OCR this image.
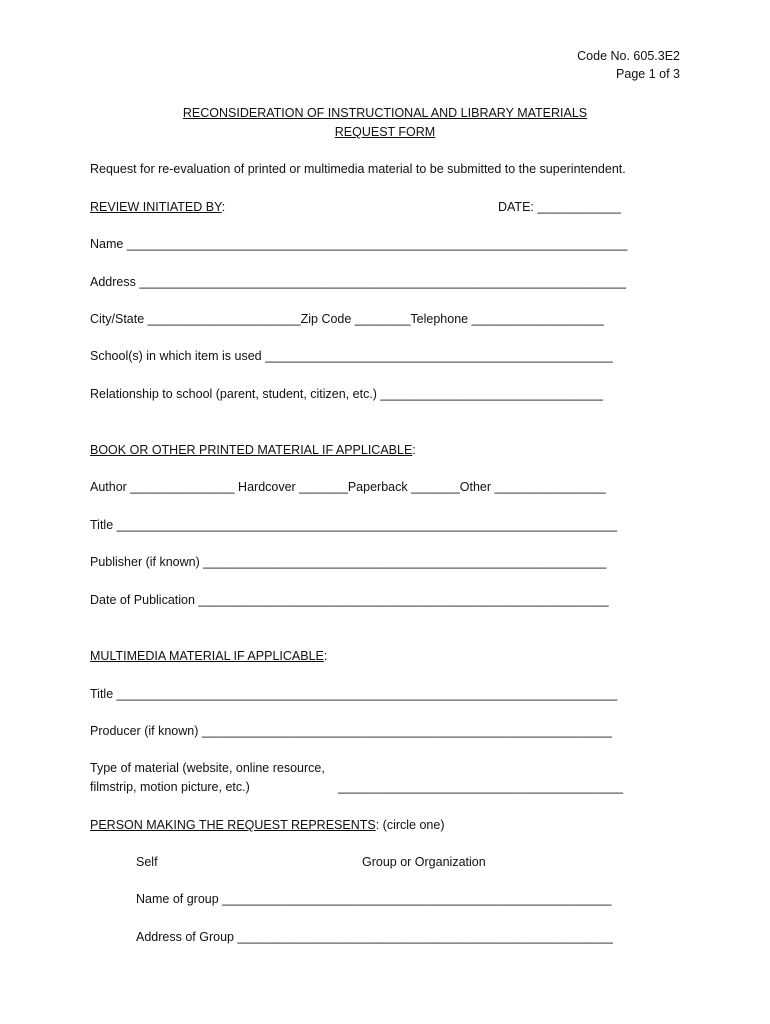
Code No. 605.3E2
Page 1 of 3
RECONSIDERATION OF INSTRUCTIONAL AND LIBRARY MATERIALS
REQUEST FORM
Request for re-evaluation of printed or multimedia material to be submitted to the superintendent.
REVIEW INITIATED BY:	DATE: ____________
Name ________________________________________________________________________
Address ______________________________________________________________________
City/State ______________________Zip Code ________Telephone ___________________
School(s) in which item is used __________________________________________________
Relationship to school (parent, student, citizen, etc.) ________________________________
BOOK OR OTHER PRINTED MATERIAL IF APPLICABLE:
Author _______________ Hardcover _______Paperback _______Other ________________
Title ________________________________________________________________________
Publisher (if known) __________________________________________________________
Date of Publication ___________________________________________________________
MULTIMEDIA MATERIAL IF APPLICABLE:
Title ________________________________________________________________________
Producer (if known) ___________________________________________________________
Type of material (website, online resource,
filmstrip, motion picture, etc.)	_________________________________________
PERSON MAKING THE REQUEST REPRESENTS: (circle one)
Self	Group or Organization
Name of group ________________________________________________________
Address of Group ______________________________________________________
